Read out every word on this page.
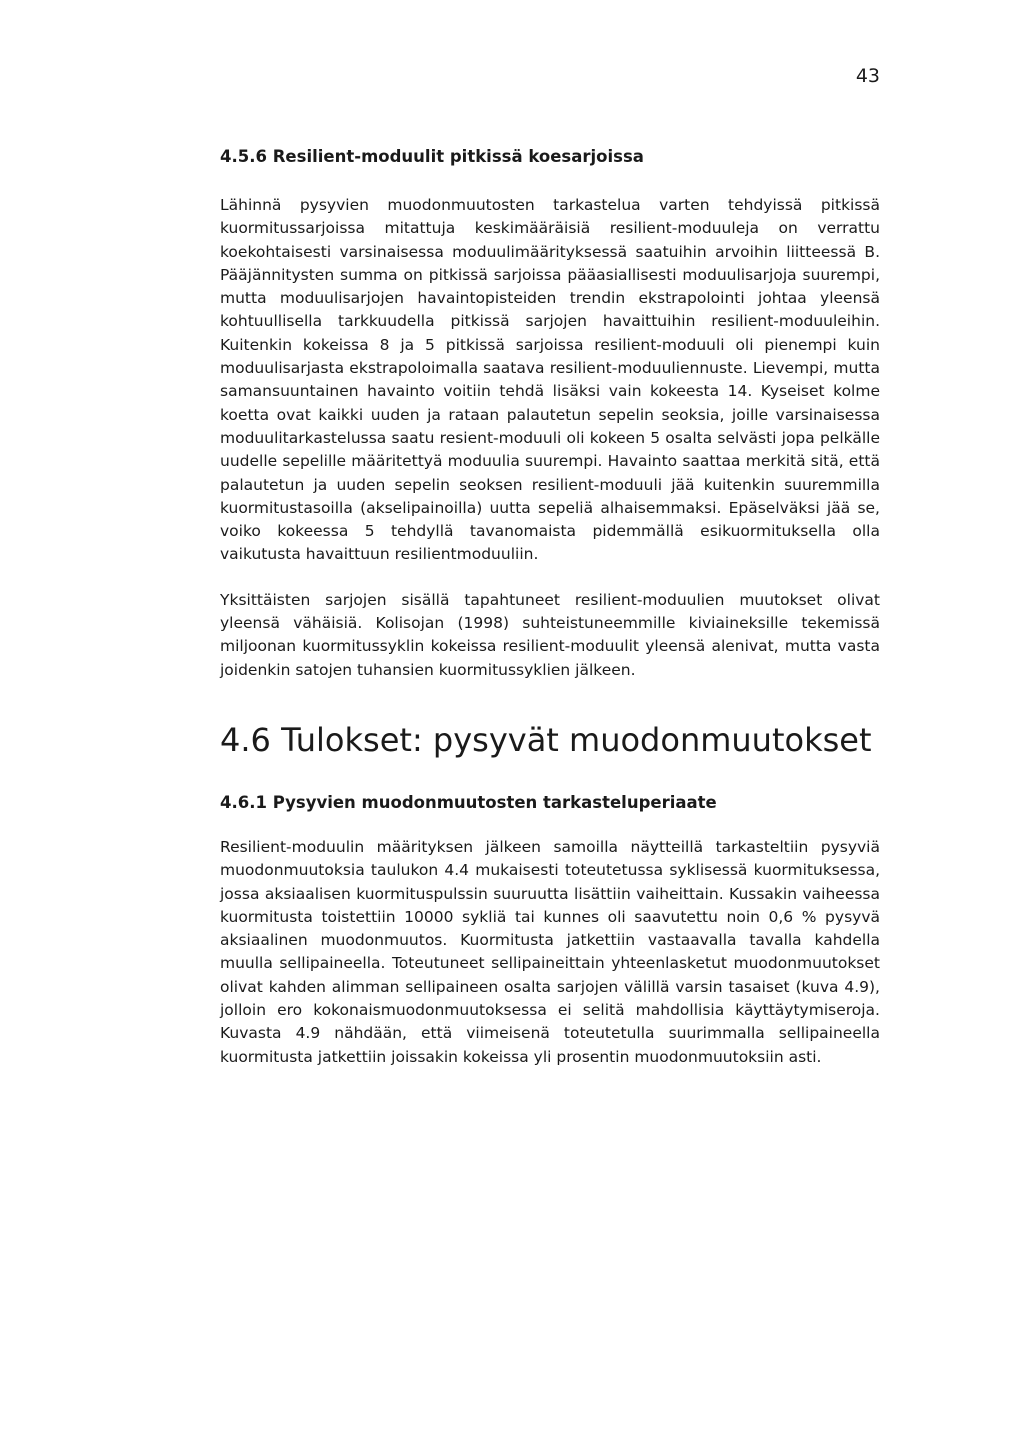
43
4.5.6 Resilient-moduulit pitkissä koesarjoissa

Lähinnä pysyvien muodonmuutosten tarkastelua varten tehdyissä pitkissä kuormitussarjoissa mitattuja keskimääräisiä resilient-moduuleja on verrattu koekohtaisesti varsinaisessa moduulimäärityksessä saatuihin arvoihin liitteessä B. Pääjännitysten summa on pitkissä sarjoissa pääasiallisesti moduulisarjoja suurempi, mutta moduulisarjojen havaintopisteiden trendin ekstrapolointi johtaa yleensä kohtuullisella tarkkuudella pitkissä sarjojen havaittuihin resilient-moduuleihin. Kuitenkin kokeissa 8 ja 5 pitkissä sarjoissa resilient-moduuli oli pienempi kuin moduulisarjasta ekstrapoloimalla saatava resilient-moduuliennuste. Lievempi, mutta samansuuntainen havainto voitiin tehdä lisäksi vain kokeesta 14. Kyseiset kolme koetta ovat kaikki uuden ja rataan palautetun sepelin seoksia, joille varsinaisessa moduulitarkastelussa saatu resient-moduuli oli kokeen 5 osalta selvästi jopa pelkälle uudelle sepelille määritettyä moduulia suurempi. Havainto saattaa merkitä sitä, että palautetun ja uuden sepelin seoksen resilient-moduuli jää kuitenkin suuremmilla kuormitustasoilla (akselipainoilla) uutta sepeliä alhaisemmaksi. Epäselväksi jää se, voiko kokeessa 5 tehdyllä tavanomaista pidemmällä esikuormituksella olla vaikutusta havaittuun resilientmoduuliin.

Yksittäisten sarjojen sisällä tapahtuneet resilient-moduulien muutokset olivat yleensä vähäisiä. Kolisojan (1998) suhteistuneemmille kiviaineksille tekemissä miljoonan kuormitussyklin kokeissa resilient-moduulit yleensä alenivat, mutta vasta joidenkin satojen tuhansien kuormitussyklien jälkeen.

4.6 Tulokset: pysyvät muodonmuutokset
4.6.1 Pysyvien muodonmuutosten tarkasteluperiaate

Resilient-moduulin määrityksen jälkeen samoilla näytteillä tarkasteltiin pysyviä muodonmuutoksia taulukon 4.4 mukaisesti toteutetussa syklisessä kuormituksessa, jossa aksiaalisen kuormituspulssin suuruutta lisättiin vaiheittain. Kussakin vaiheessa kuormitusta toistettiin 10000 sykliä tai kunnes oli saavutettu noin 0,6 % pysyvä aksiaalinen muodonmuutos. Kuormitusta jatkettiin vastaavalla tavalla kahdella muulla sellipaineella. Toteutuneet sellipaineittain yhteenlasketut muodonmuutokset olivat kahden alimman sellipaineen osalta sarjojen välillä varsin tasaiset (kuva 4.9), jolloin ero kokonaismuodonmuutoksessa ei selitä mahdollisia käyttäytymiseroja. Kuvasta 4.9 nähdään, että viimeisenä toteutetulla suurimmalla sellipaineella kuormitusta jatkettiin joissakin kokeissa yli prosentin muodonmuutoksiin asti.
